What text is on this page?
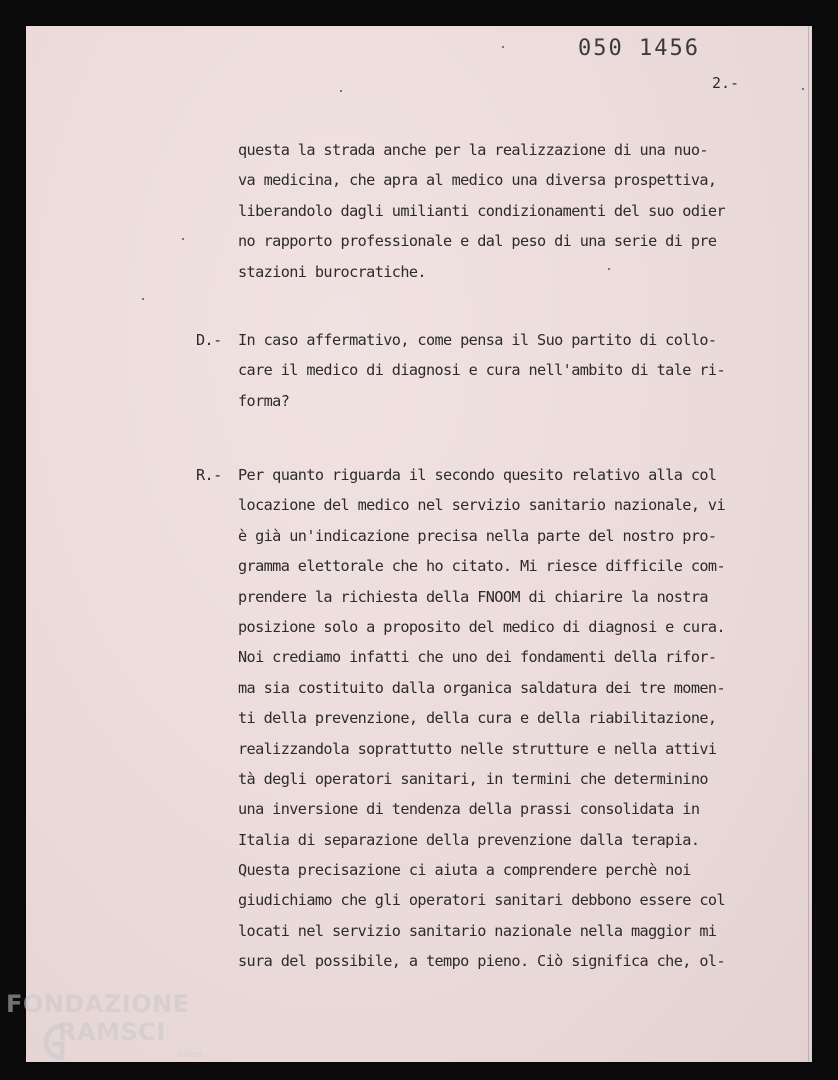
050 1456
2.-
questa la strada anche per la realizzazione di una nuo-
va medicina, che apra al medico una diversa prospettiva,
liberandolo dagli umilianti condizionamenti del suo odier
no rapporto professionale e dal peso di una serie di pre
stazioni burocratiche.
D.- In caso affermativo, come pensa il Suo partito di collo-
care il medico di diagnosi e cura nell'ambito di tale ri-
forma?
R.- Per quanto riguarda il secondo quesito relativo alla col
locazione del medico nel servizio sanitario nazionale, vi
è già un'indicazione precisa nella parte del nostro pro-
gramma elettorale che ho citato. Mi riesce difficile com-
prendere la richiesta della FNOOM di chiarire la nostra
posizione solo a proposito del medico di diagnosi e cura.
Noi crediamo infatti che uno dei fondamenti della rifor-
ma sia costituito dalla organica saldatura dei tre momen-
ti della prevenzione, della cura e della riabilitazione,
realizzandola soprattutto nelle strutture e nella attivi
tà degli operatori sanitari, in termini che determinino
una inversione di tendenza della prassi consolidata in
Italia di separazione della prevenzione dalla terapia.
Questa precisazione ci aiuta a comprendere perchè noi
giudichiamo che gli operatori sanitari debbono essere col
locati nel servizio sanitario nazionale nella maggior mi
sura del possibile, a tempo pieno. Ciò significa che, ol-
FONDAZIONE
RAMSCI
onlus
